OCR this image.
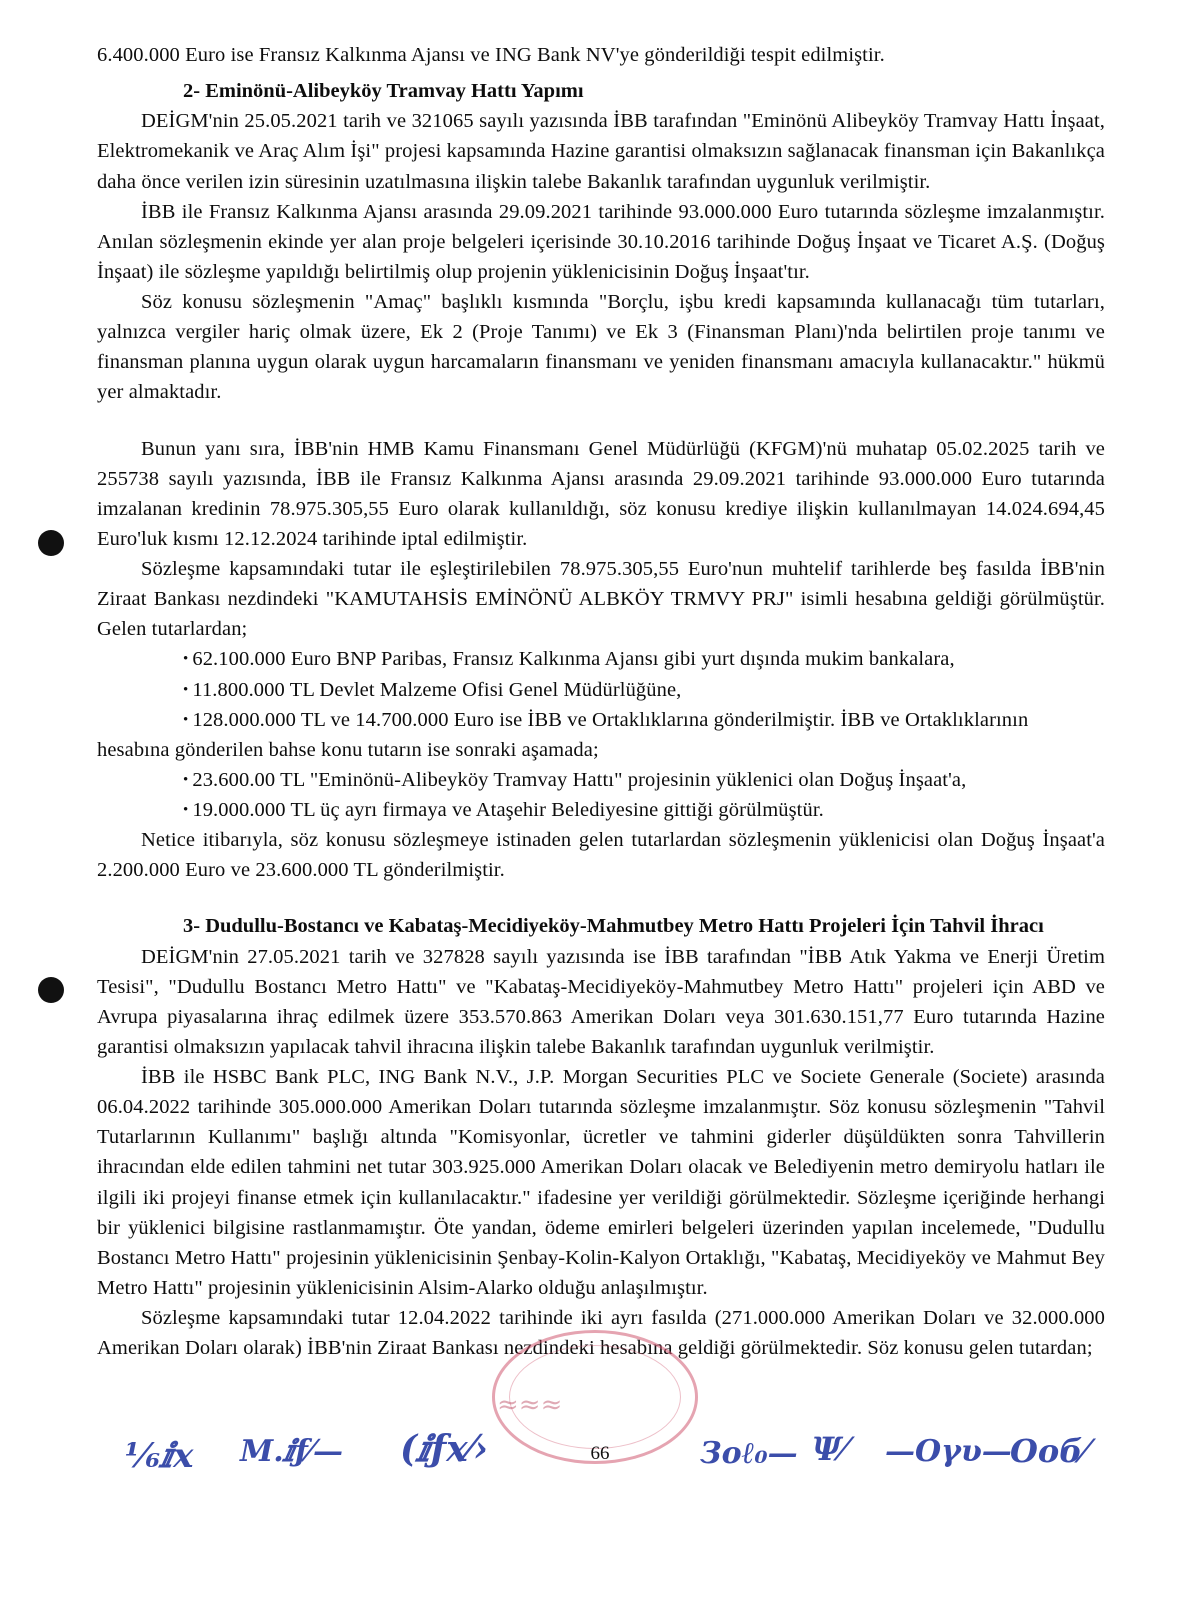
6.400.000 Euro ise Fransız Kalkınma Ajansı ve ING Bank NV'ye gönderildiği tespit edilmiştir.

2- Eminönü-Alibeyköy Tramvay Hattı Yapımı

DEİGM'nin 25.05.2021 tarih ve 321065 sayılı yazısında İBB tarafından "Eminönü Alibeyköy Tramvay Hattı İnşaat, Elektromekanik ve Araç Alım İşi" projesi kapsamında Hazine garantisi olmaksızın sağlanacak finansman için Bakanlıkça daha önce verilen izin süresinin uzatılmasına ilişkin talebe Bakanlık tarafından uygunluk verilmiştir.

İBB ile Fransız Kalkınma Ajansı arasında 29.09.2021 tarihinde 93.000.000 Euro tutarında sözleşme imzalanmıştır. Anılan sözleşmenin ekinde yer alan proje belgeleri içerisinde 30.10.2016 tarihinde Doğuş İnşaat ve Ticaret A.Ş. (Doğuş İnşaat) ile sözleşme yapıldığı belirtilmiş olup projenin yüklenicisinin Doğuş İnşaat'tır.

Söz konusu sözleşmenin "Amaç" başlıklı kısmında "Borçlu, işbu kredi kapsamında kullanacağı tüm tutarları, yalnızca vergiler hariç olmak üzere, Ek 2 (Proje Tanımı) ve Ek 3 (Finansman Planı)'nda belirtilen proje tanımı ve finansman planına uygun olarak uygun harcamaların finansmanı ve yeniden finansmanı amacıyla kullanacaktır." hükmü yer almaktadır.

Bunun yanı sıra, İBB'nin HMB Kamu Finansmanı Genel Müdürlüğü (KFGM)'nü muhatap 05.02.2025 tarih ve 255738 sayılı yazısında, İBB ile Fransız Kalkınma Ajansı arasında 29.09.2021 tarihinde 93.000.000 Euro tutarında imzalanan kredinin 78.975.305,55 Euro olarak kullanıldığı, söz konusu krediye ilişkin kullanılmayan 14.024.694,45 Euro'luk kısmı 12.12.2024 tarihinde iptal edilmiştir.

Sözleşme kapsamındaki tutar ile eşleştirilebilen 78.975.305,55 Euro'nun muhtelif tarihlerde beş fasılda İBB'nin Ziraat Bankası nezdindeki "KAMUTAHSİS EMİNÖNÜ ALBKÖY TRMVY PRJ" isimli hesabına geldiği görülmüştür. Gelen tutarlardan;

• 62.100.000 Euro BNP Paribas, Fransız Kalkınma Ajansı gibi yurt dışında mukim bankalara,

• 11.800.000 TL Devlet Malzeme Ofisi Genel Müdürlüğüne,

• 128.000.000 TL ve 14.700.000 Euro ise İBB ve Ortaklıklarına gönderilmiştir. İBB ve Ortaklıklarının

hesabına gönderilen bahse konu tutarın ise sonraki aşamada;

• 23.600.00 TL "Eminönü-Alibeyköy Tramvay Hattı" projesinin yüklenici olan Doğuş İnşaat'a,

• 19.000.000 TL üç ayrı firmaya ve Ataşehir Belediyesine gittiği görülmüştür.

Netice itibarıyla, söz konusu sözleşmeye istinaden gelen tutarlardan sözleşmenin yüklenicisi olan Doğuş İnşaat'a 2.200.000 Euro ve 23.600.000 TL gönderilmiştir.

3- Dudullu-Bostancı ve Kabataş-Mecidiyeköy-Mahmutbey Metro Hattı Projeleri İçin Tahvil İhracı

DEİGM'nin 27.05.2021 tarih ve 327828 sayılı yazısında ise İBB tarafından "İBB Atık Yakma ve Enerji Üretim Tesisi", "Dudullu Bostancı Metro Hattı" ve "Kabataş-Mecidiyeköy-Mahmutbey Metro Hattı" projeleri için ABD ve Avrupa piyasalarına ihraç edilmek üzere 353.570.863 Amerikan Doları veya 301.630.151,77 Euro tutarında Hazine garantisi olmaksızın yapılacak tahvil ihracına ilişkin talebe Bakanlık tarafından uygunluk verilmiştir.

İBB ile HSBC Bank PLC, ING Bank N.V., J.P. Morgan Securities PLC ve Societe Generale (Societe) arasında 06.04.2022 tarihinde 305.000.000 Amerikan Doları tutarında sözleşme imzalanmıştır. Söz konusu sözleşmenin "Tahvil Tutarlarının Kullanımı" başlığı altında "Komisyonlar, ücretler ve tahmini giderler düşüldükten sonra Tahvillerin ihracından elde edilen tahmini net tutar 303.925.000 Amerikan Doları olacak ve Belediyenin metro demiryolu hatları ile ilgili iki projeyi finanse etmek için kullanılacaktır." ifadesine yer verildiği görülmektedir. Sözleşme içeriğinde herhangi bir yüklenici bilgisine rastlanmamıştır. Öte yandan, ödeme emirleri belgeleri üzerinden yapılan incelemede, "Dudullu Bostancı Metro Hattı" projesinin yüklenicisinin Şenbay-Kolin-Kalyon Ortaklığı, "Kabataş, Mecidiyeköy ve Mahmut Bey Metro Hattı" projesinin yüklenicisinin Alsim-Alarko olduğu anlaşılmıştır.

Sözleşme kapsamındaki tutar 12.04.2022 tarihinde iki ayrı fasılda (271.000.000 Amerikan Doları ve 32.000.000 Amerikan Doları olarak) İBB'nin Ziraat Bankası nezdindeki hesabına geldiği görülmektedir. Söz konusu gelen tutardan;

≈≈≈
⅙ⅈx M.ⅈƒ⁄— (ⅈƒx⁄›	Зοℓ₀— Ψ⁄ —Ογυ—
Ооб⁄
66
